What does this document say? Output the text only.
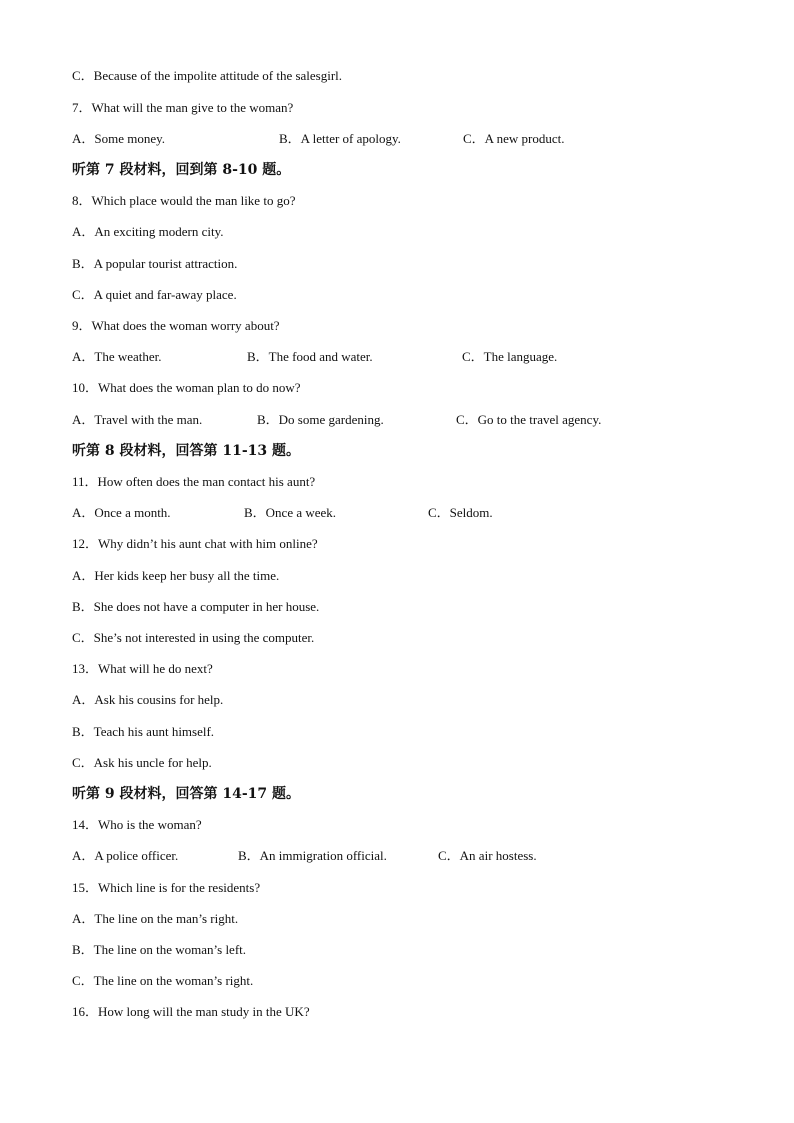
C．Because of the impolite attitude of the salesgirl.
7．What will the man give to the woman?
A．Some money.	B．A letter of apology.	C．A new product.
听第 7 段材料，回到第 8-10 题。
8．Which place would the man like to go?
A．An exciting modern city.
B．A popular tourist attraction.
C．A quiet and far-away place.
9．What does the woman worry about?
A．The weather.	B．The food and water.	C．The language.
10．What does the woman plan to do now?
A．Travel with the man.	B．Do some gardening.	C．Go to the travel agency.
听第 8 段材料，回答第 11-13 题。
11．How often does the man contact his aunt?
A．Once a month.	B．Once a week.	C．Seldom.
12．Why didn’t his aunt chat with him online?
A．Her kids keep her busy all the time.
B．She does not have a computer in her house.
C．She’s not interested in using the computer.
13．What will he do next?
A．Ask his cousins for help.
B．Teach his aunt himself.
C．Ask his uncle for help.
听第 9 段材料，回答第 14-17 题。
14．Who is the woman?
A．A police officer.	B．An immigration official.	C．An air hostess.
15．Which line is for the residents?
A．The line on the man’s right.
B．The line on the woman’s left.
C．The line on the woman’s right.
16．How long will the man study in the UK?
